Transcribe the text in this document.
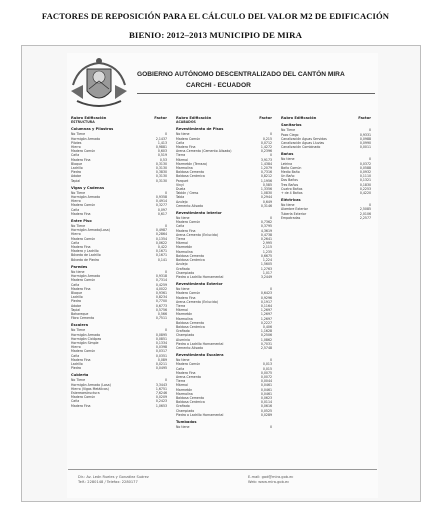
FACTORES DE REPOSICIÓN PARA EL CÁLCULO DEL VALOR M2 DE EDIFICACIÓN
BIENIO: 2012–2013 MUNICIPIO DE MIRA
GOBIERNO AUTÓNOMO DESCENTRALIZADO DEL CANTÓN MIRA
CARCHI - ECUADOR
Rubro Edificación	Factor
ESTRUCTURA
Columnas y Pilastras
No Tiene	0
Hormigón Armado	2,1437
Pilotes	1,413
Hierro	0,9881
Madera Común	0,603
Caña	0,519
Madera Fina	0,53
Bloque	0,3130
Ladrillo	0,3130
Piedra	0,3830
Adobe	0,3130
Tapial	0,3130
Vigas y Cadenas
No Tiene	0
Hormigón Armado	0,9358
Hierro	0,4914
Madera Común	0,3277
Caña	0,097
Madera Fina	0,617
Entre Piso
No Tiene	0
Hormigón Armado(Losa)	0,4987
Hierro	0,2864
Madera Común	0,1354
Caña	0,0622
Madera Fina	0,422
Madera y Ladrillo	0,1671
Bóveda de Ladrillo	0,1671
Bóveda de Piedra	0,141
Paredes
No tiene	0
Hormigón Armado	0,9318
Madera Común	0,7314
Caña	0,4259
Madera Fina	4,0022
Bloque	0,9361
Ladrillo	0,8234
Piedra	0,7700
Adobe	0,6773
Tapial	0,5756
Bahareque	0,566
Fibro Cemento	0,7511
Escalera
No Tiene	0
Hormigón Armado	0,0895
Hormigón Ciclópeo	0,0851
Hormigón Simple	0,1334
Hierro	0,0398
Madera Común	0,0317
Caña	0,0351
Madera Fina	0,089
Ladrillo	0,0211
Piedra	0,0495
Cubierta
No Tiene	0
Hormigón Armado (Losa)	3,3443
Hierro (Vigas Metálicas)	1,6751
Estereoestructura	7,6246
Madera Común	0,0209
Caña	0,2423
Madera Fina	1,0653
Rubro Edificación	Factor
ACABADOS
Revestimiento de Pisos
No tiene	0
Madera Común	0,215
Caña	0,0712
Madera Fina	1,4272
Arena-Cemento (Cemento Alisado)	0,2396
Tierra	0
Mármol	3,9173
Marmetón (Terrazo)	1,4384
Marmolina	1,2079
Baldosa Cemento	0,7316
Baldosa Cerámica	0,8212
Parquet	1,1956
Vinyl	0,585
Duela	1,3356
Tablón / Gress	1,0830
Tabla	0,2944
Azulejo	0,649
Cemento Alisado	0,3146
Revestimiento Interior
No tiene	0
Madera Común	0,7362
Caña	0,3795
Madera Fina	4,3619
Arena-Cemento (Enlucido)	0,4738
Tierra	0,2641
Mármol	2,995
Marmetón	2,115
Marmolina	1,235
Baldosa Cemento	0,6675
Baldosa Cerámica	1,224
Azulejo	1,5605
Grafiado	1,2763
Champiado	1,017
Piedra o Ladrillo Hornamental	3,2449
Revestimiento Exterior
No tiene	0
Madera Común	0,6423
Madera Fina	0,9296
Arena-Cemento (Enlucido)	0,1917
Tierra	0,1164
Mármol	1,2697
Marmetón	1,2697
Marmolina	1,2697
Baldosa Cemento	0,2227
Baldosa Cerámica	0,406
Grafiado	1,1628
Champiado	0,2506
Aluminio	1,0862
Piedra o Ladrillo Hornamental	0,7031
Cemento Alisado	2,5748
Revestimiento Escalera
No tiene	0
Madera Común	0,013
Caña	0,015
Madera Fina	0,0075
Arena-Cemento	0,0072
Tierra	0,0044
Mármol	0,0461
Marmetón	0,0461
Marmolina	0,0461
Baldosa Cemento	0,0623
Baldosa Cerámica	0,0114
Grafiado	0,0616
Champiado	0,0525
Piedra o Ladrillo Hornamental	0,0289
Tumbados
No tiene	0
Rubro Edificación	Factor
Sanitarios
No Tiene	0
Pozo Ciego	0,9331
Canalización Aguas Servidas	0,0988
Canalización Aguas Lluvias	0,0990
Canalización Combinado	0,0011
Baños
No tiene	0
Letrina	0,0372
Baño Común	0,0588
Medio Baño	0,0932
Un Baño	0,1110
Dos Baños	0,1321
Tres Baños	0,1830
Cuatro Baños	0,2253
+ de 4 Baños	0,4220
Eléctricas
No tiene	0
Alambre Exterior	2,5085
Tubería Exterior	2,0106
Empotradas	2,2577
Dir.: Av. León Rueles y González Suárez
Telf.: 2280148 / Telefax: 2280177
E-mail: gad@mira.gob.ec
Web: www.mira.gob.ec
